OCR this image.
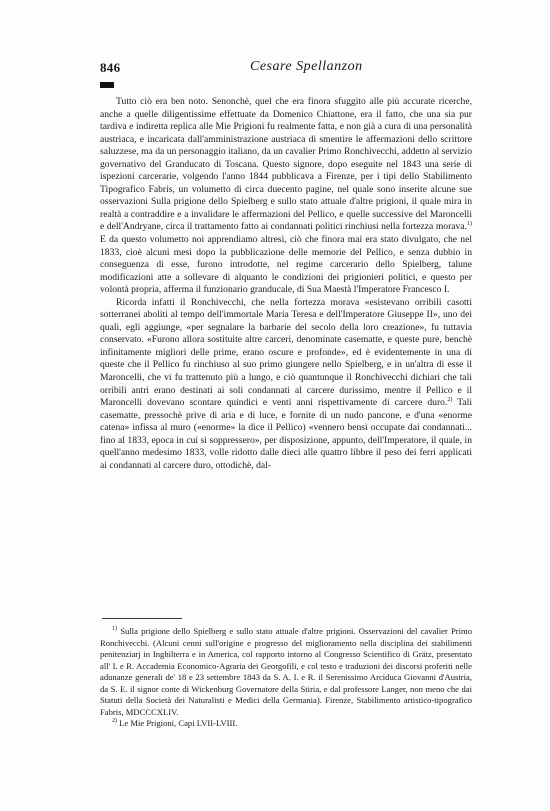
846	Cesare Spellanzon

Tutto ciò era ben noto. Senonchè, quel che era finora sfuggito alle più accurate ricerche, anche a quelle diligentissime effettuate da Domenico Chiattone, era il fatto, che una sia pur tardiva e indiretta replica alle Mie Prigioni fu realmente fatta, e non già a cura di una personalità austriaca, e incaricata dall'amministrazione austriaca di smentire le affermazioni dello scrittore saluzzese, ma da un personaggio italiano, da un cavalier Primo Ronchivecchi, addetto al servizio governativo del Granducato di Toscana. Questo signore, dopo eseguite nel 1843 una serie di ispezioni carcerarie, volgendo l'anno 1844 pubblicava a Firenze, per i tipi dello Stabilimento Tipografico Fabris, un volumetto di circa duecento pagine, nel quale sono inserite alcune sue osservazioni Sulla prigione dello Spielberg e sullo stato attuale d'altre prigioni, il quale mira in realtà a contraddire e a invalidare le affermazioni del Pellico, e quelle successive del Maroncelli e dell'Andryane, circa il trattamento fatto ai condannati politici rinchiusi nella fortezza morava.$^{1)}$ E da questo volumetto noi apprendiamo altresì, ciò che finora mai era stato divulgato, che nel 1833, cioè alcuni mesi dopo la pubblicazione delle memorie del Pellico, e senza dubbio in conseguenza di esse, furono introdotte, nel regime carcerario dello Spielberg, talune modificazioni atte a sollevare di alquanto le condizioni dei prigionieri politici, e questo per volontà propria, afferma il funzionario granducale, di Sua Maestà l'Imperatore Francesco I.

Ricorda infatti il Ronchivecchi, che nella fortezza morava «esistevano orribili casotti sotterranei aboliti al tempo dell'immortale Maria Teresa e dell'Imperatore Giuseppe II», uno dei quali, egli aggiunge, «per segnalare la barbarie del secolo della loro creazione», fu tuttavia conservato. «Furono allora sostituite altre carceri, denominate casematte, e queste pure, benchè infinitamente migliori delle prime, erano oscure e profonde», ed è evidentemente in una di queste che il Pellico fu rinchiuso al suo primo giungere nello Spielberg, e in un'altra di esse il Maroncelli, che vi fu trattenuto più a lungo, e ciò quantunque il Ronchivecchi dichiari che tali orribili antri erano destinati ai soli condannati al carcere durissimo, mentre il Pellico e il Maroncelli dovevano scontare quindici e venti anni rispettivamente di carcere duro.$^{2)}$ Tali casematte, pressochè prive di aria e di luce, e fornite di un nudo pancone, e d'una «enorme catena» infissa al muro («enorme» la dice il Pellico) «vennero bensì occupate dai condannati... fino al 1833, epoca in cui si soppressero», per disposizione, appunto, dell'Imperatore, il quale, in quell'anno medesimo 1833, volle ridotto dalle dieci alle quattro libbre il peso dei ferri applicati ai condannati al carcere duro, ottodichè, dal-

$^{1)}$ Sulla prigione dello Spielberg e sullo stato attuale d'altre prigioni. Osservazioni del cavalier Primo Ronchivecchi. (Alcuni cenni sull'origine e progresso del miglioramento nella disciplina dei stabilimenti penitenziarj in Inghilterra e in America, col rapporto intorno al Congresso Scientifico di Grätz, presentato all' I. e R. Accademia Economico-Agraria dei Georgofili, e col testo e traduzioni dei discorsi proferiti nelle adunanze generali de' 18 e 23 settembre 1843 da S. A. I. e R. il Serenissimo Arciduca Giovanni d'Austria, da S. E. il signor conte di Wickenburg Governatore della Stiria, e dal professore Langer, non meno che dai Statuti della Società dei Naturalisti e Medici della Germania). Firenze, Stabilimento artistico-tipografico Fabris, MDCCCXLIV.

$^{2)}$ Le Mie Prigioni, Capi LVII-LVIII.
